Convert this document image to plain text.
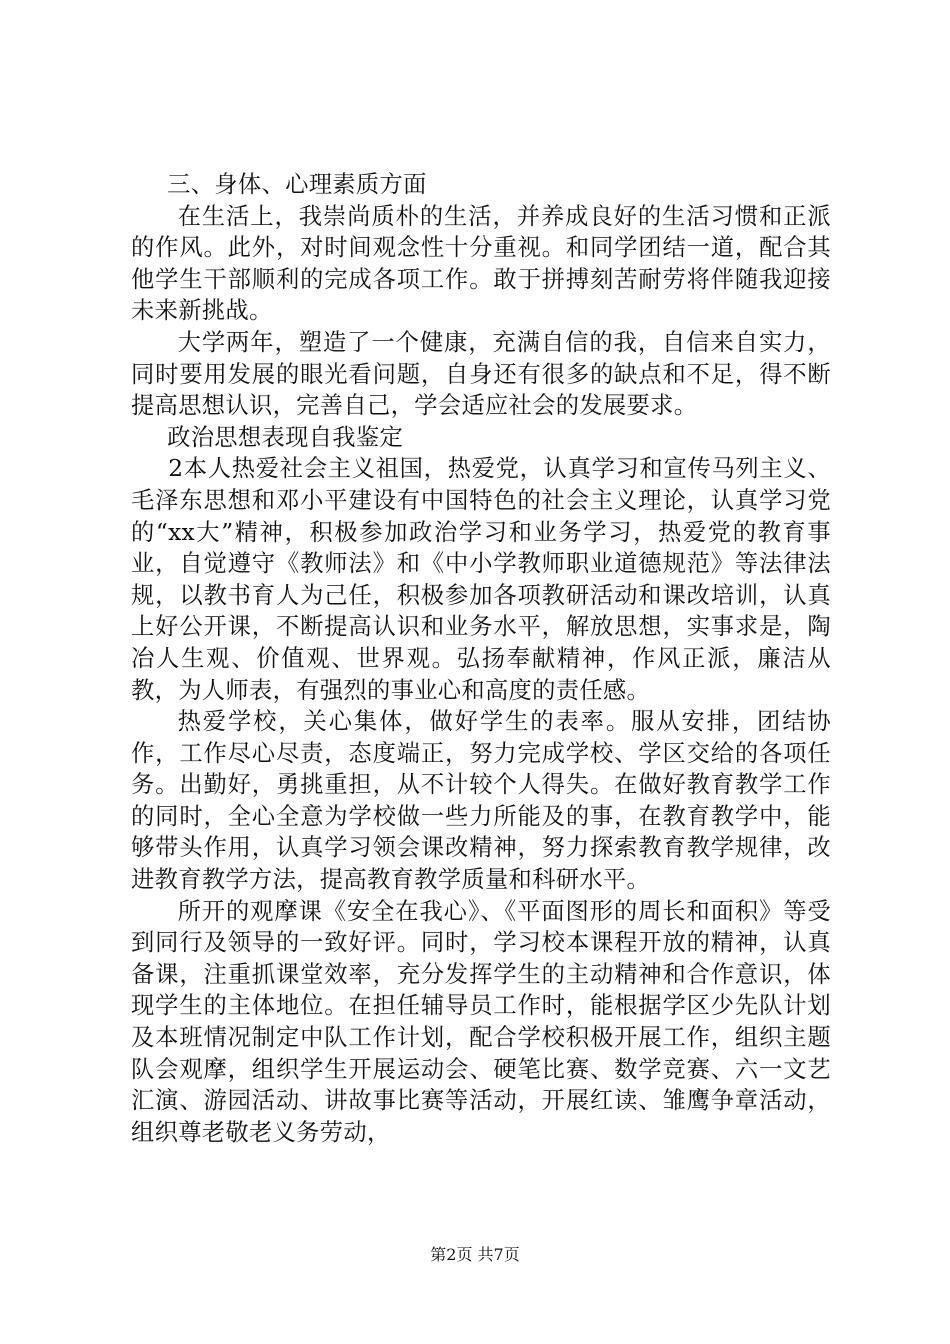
三、身体、心理素质方面

在生活上，我崇尚质朴的生活，并养成良好的生活习惯和正派的作风。此外，对时间观念性十分重视。和同学团结一道，配合其他学生干部顺利的完成各项工作。敢于拼搏刻苦耐劳将伴随我迎接未来新挑战。

大学两年，塑造了一个健康，充满自信的我，自信来自实力，同时要用发展的眼光看问题，自身还有很多的缺点和不足，得不断提高思想认识，完善自己，学会适应社会的发展要求。

政治思想表现自我鉴定

2本人热爱社会主义祖国，热爱党，认真学习和宣传马列主义、毛泽东思想和邓小平建设有中国特色的社会主义理论，认真学习党的“xx大”精神，积极参加政治学习和业务学习，热爱党的教育事业，自觉遵守《教师法》和《中小学教师职业道德规范》等法律法规，以教书育人为己任，积极参加各项教研活动和课改培训，认真上好公开课，不断提高认识和业务水平，解放思想，实事求是，陶冶人生观、价值观、世界观。弘扬奉献精神，作风正派，廉洁从教，为人师表，有强烈的事业心和高度的责任感。

热爱学校，关心集体，做好学生的表率。服从安排，团结协作，工作尽心尽责，态度端正，努力完成学校、学区交给的各项任务。出勤好，勇挑重担，从不计较个人得失。在做好教育教学工作的同时，全心全意为学校做一些力所能及的事，在教育教学中，能够带头作用，认真学习领会课改精神，努力探索教育教学规律，改进教育教学方法，提高教育教学质量和科研水平。

所开的观摩课《安全在我心》、《平面图形的周长和面积》等受到同行及领导的一致好评。同时，学习校本课程开放的精神，认真备课，注重抓课堂效率，充分发挥学生的主动精神和合作意识，体现学生的主体地位。在担任辅导员工作时，能根据学区少先队计划及本班情况制定中队工作计划，配合学校积极开展工作，组织主题队会观摩，组织学生开展运动会、硬笔比赛、数学竞赛、六一文艺汇演、游园活动、讲故事比赛等活动，开展红读、雏鹰争章活动，组织尊老敬老义务劳动，

第2页 共7页
